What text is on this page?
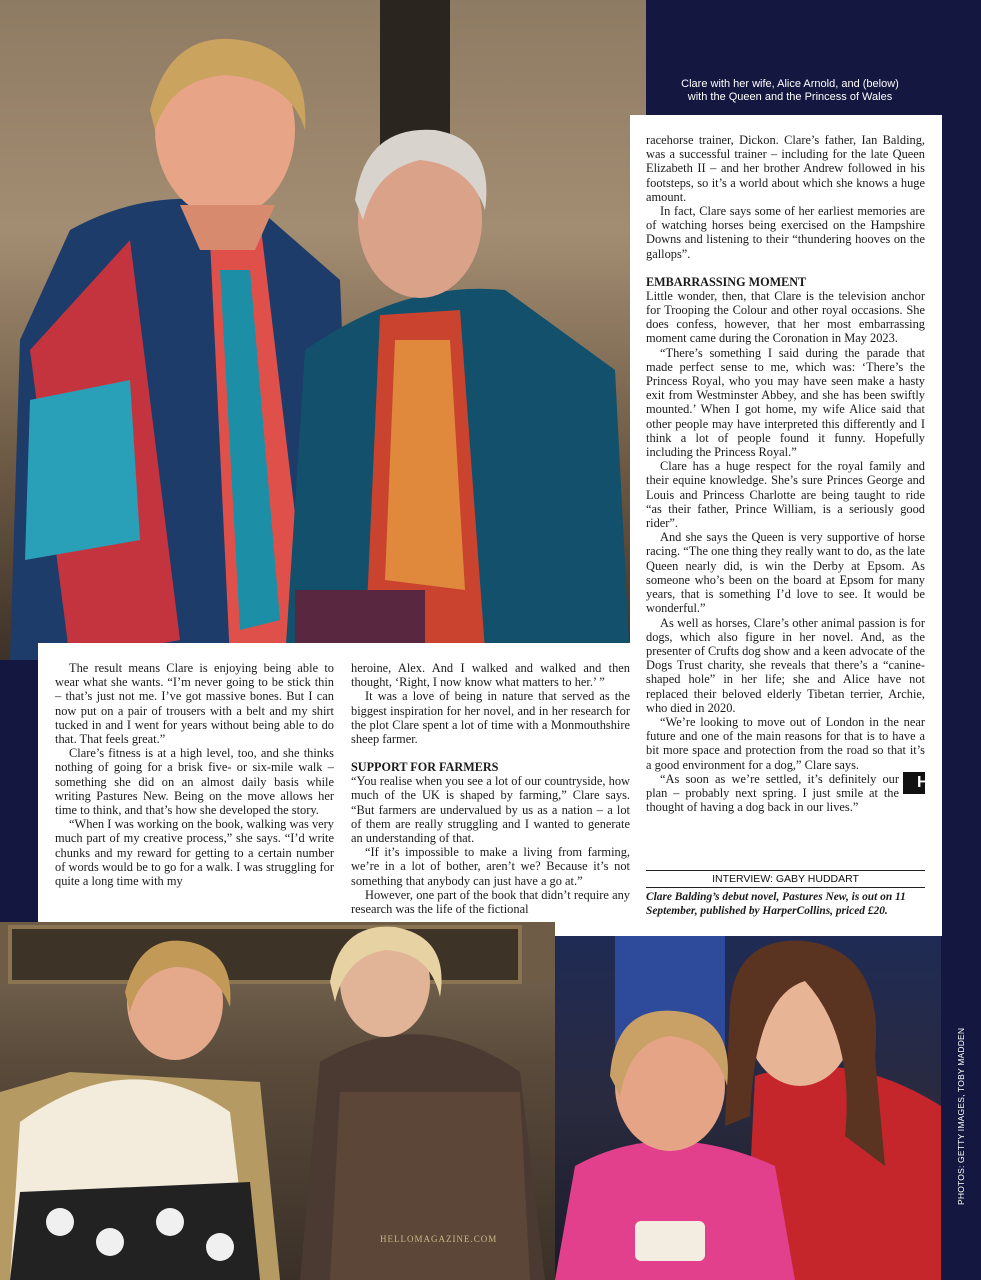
Clare with her wife, Alice Arnold, and (below)
with the Queen and the Princess of Wales

The result means Clare is enjoying being able to wear what she wants. “I’m never going to be stick thin – that’s just not me. I’ve got massive bones. But I can now put on a pair of trousers with a belt and my shirt tucked in and I went for years without being able to do that. That feels great.”

Clare’s fitness is at a high level, too, and she thinks nothing of going for a brisk five- or six-mile walk – something she did on an almost daily basis while writing Pastures New. Being on the move allows her time to think, and that’s how she developed the story.

“When I was working on the book, walking was very much part of my creative process,” she says. “I’d write chunks and my reward for getting to a certain number of words would be to go for a walk. I was struggling for quite a long time with my

heroine, Alex. And I walked and walked and then thought, ‘Right, I now know what matters to her.’ ”

It was a love of being in nature that served as the biggest inspiration for her novel, and in her research for the plot Clare spent a lot of time with a Monmouthshire sheep farmer.

SUPPORT FOR FARMERS

“You realise when you see a lot of our countryside, how much of the UK is shaped by farming,” Clare says. “But farmers are undervalued by us as a nation – a lot of them are really struggling and I wanted to generate an understanding of that.

“If it’s impossible to make a living from farming, we’re in a lot of bother, aren’t we? Because it’s not something that anybody can just have a go at.”

However, one part of the book that didn’t require any research was the life of the fictional

racehorse trainer, Dickon. Clare’s father, Ian Balding, was a successful trainer – including for the late Queen Elizabeth II – and her brother Andrew followed in his footsteps, so it’s a world about which she knows a huge amount.

In fact, Clare says some of her earliest memories are of watching horses being exercised on the Hampshire Downs and listening to their “thundering hooves on the gallops”.

EMBARRASSING MOMENT

Little wonder, then, that Clare is the television anchor for Trooping the Colour and other royal occasions. She does confess, however, that her most embarrassing moment came during the Coronation in May 2023.

“There’s something I said during the parade that made perfect sense to me, which was: ‘There’s the Princess Royal, who you may have seen make a hasty exit from Westminster Abbey, and she has been swiftly mounted.’ When I got home, my wife Alice said that other people may have interpreted this differently and I think a lot of people found it funny. Hopefully including the Princess Royal.”

Clare has a huge respect for the royal family and their equine knowledge. She’s sure Princes George and Louis and Princess Charlotte are being taught to ride “as their father, Prince William, is a seriously good rider”.

And she says the Queen is very supportive of horse racing. “The one thing they really want to do, as the late Queen nearly did, is win the Derby at Epsom. As someone who’s been on the board at Epsom for many years, that is something I’d love to see. It would be wonderful.”

As well as horses, Clare’s other animal passion is for dogs, which also figure in her novel. And, as the presenter of Crufts dog show and a keen advocate of the Dogs Trust charity, she reveals that there’s a “canine-shaped hole” in her life; she and Alice have not replaced their beloved elderly Tibetan terrier, Archie, who died in 2020.

“We’re looking to move out of London in the near future and one of the main reasons for that is to have a bit more space and protection from the road so that it’s a good environment for a dog,” Clare says.

H
“As soon as we’re settled, it’s definitely our plan – probably next spring. I just smile at the thought of having a dog back in our lives.”

INTERVIEW: GABY HUDDART
Clare Balding’s debut novel, Pastures New, is out on 11 September, published by HarperCollins, priced £20.
HELLOMAGAZINE.COM
PHOTOS: GETTY IMAGES, TOBY MADDEN
